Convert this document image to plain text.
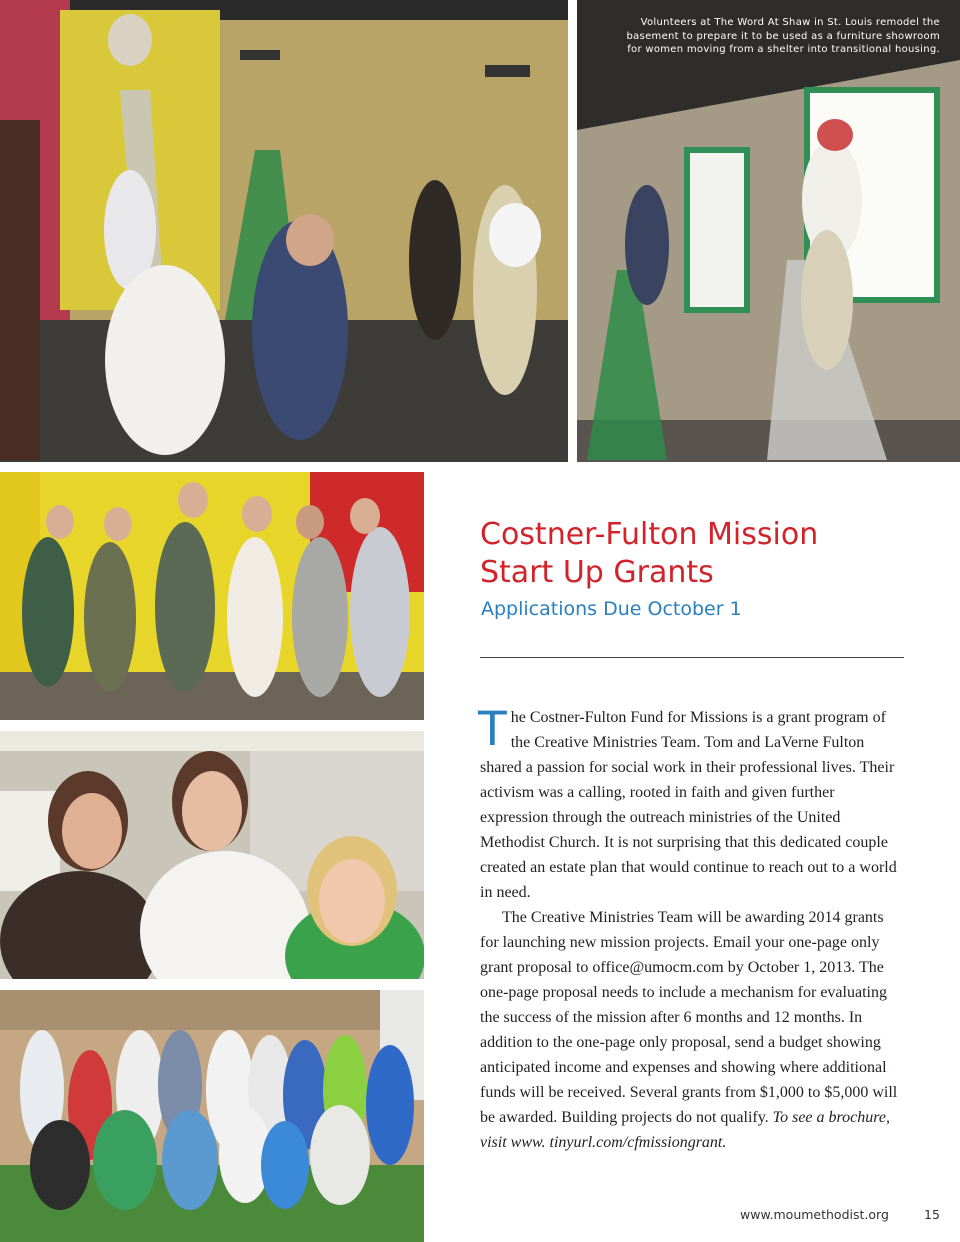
Volunteers at The Word At Shaw in St. Louis remodel the basement to prepare it to be used as a furniture showroom for women moving from a shelter into transitional housing.
Costner-Fulton Mission
Start Up Grants
Applications Due October 1

The Costner-Fulton Fund for Missions is a grant program of the Creative Ministries Team. Tom and LaVerne Fulton shared a passion for social work in their professional lives. Their activism was a calling, rooted in faith and given further expression through the outreach ministries of the United Methodist Church. It is not surprising that this dedicated couple created an estate plan that would continue to reach out to a world in need.

The Creative Ministries Team will be awarding 2014 grants for launching new mission projects. Email your one-page only grant proposal to office@umocm.com by October 1, 2013. The one-page proposal needs to include a mechanism for evaluating the success of the mission after 6 months and 12 months. In addition to the one-page only proposal, send a budget showing anticipated income and expenses and showing where additional funds will be received. Several grants from $1,000 to $5,000 will be awarded. Building projects do not qualify. To see a brochure, visit www. tinyurl.com/cfmissiongrant.

www.moumethodist.org	15
